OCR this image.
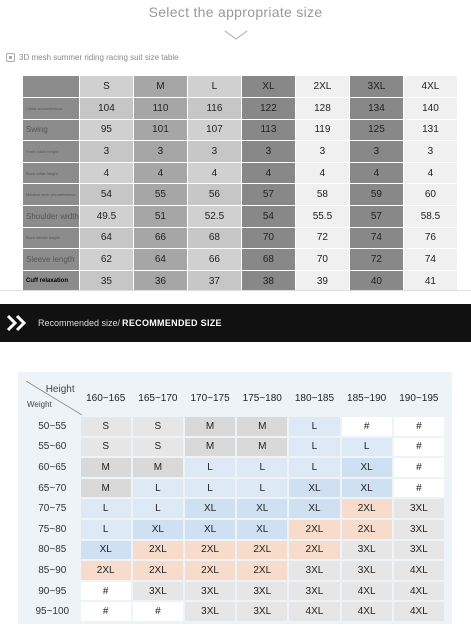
Select the appropriate size
3D mesh summer riding racing suit size table
	S	M	L	XL	2XL	3XL	4XL
Chest circumference	104	110	116	122	128	134	140
Swing	95	101	107	113	119	125	131
Front collar height	3	3	3	3	3	3	3
Back collar height	4	4	4	4	4	4	4
Medical neck circumference	54	55	56	57	58	59	60
Shoulder width	49.5	51	52.5	54	55.5	57	58.5
Back middle length	64	66	68	70	72	74	76
Sleeve length	62	64	66	68	70	72	74
Cuff relaxation	35	36	37	38	39	40	41
Recommended size/ RECOMMENDED SIZE
Height
Weight	160~165	165~170	170~175	175~180	180~185	185~190	190~195
50~55	S	S	M	M	L	#	#
55~60	S	S	M	M	L	L	#
60~65	M	M	L	L	L	XL	#
65~70	M	L	L	L	XL	XL	#
70~75	L	L	XL	XL	XL	2XL	3XL
75~80	L	XL	XL	XL	2XL	2XL	3XL
80~85	XL	2XL	2XL	2XL	2XL	3XL	3XL
85~90	2XL	2XL	2XL	2XL	3XL	3XL	4XL
90~95	#	3XL	3XL	3XL	3XL	4XL	4XL
95~100	#	#	3XL	3XL	4XL	4XL	4XL
